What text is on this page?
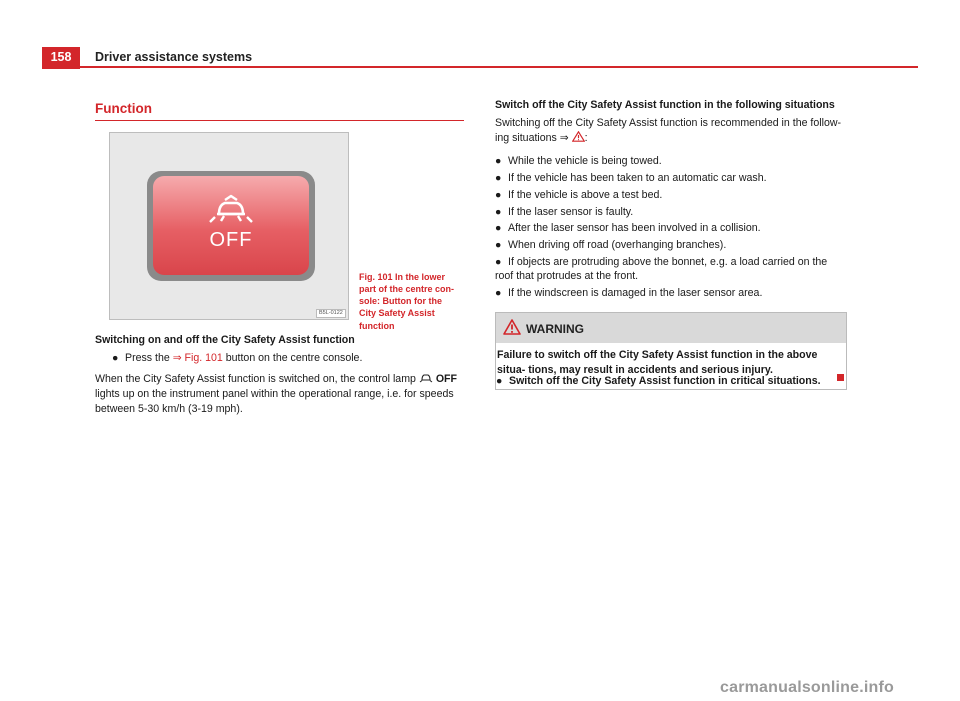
158	Driver assistance systems
Function
OFF
B5L-0122
Fig. 101 In the lower part of the centre con- sole: Button for the City Safety Assist function
Switching on and off the City Safety Assist function
● Press the ⇒ Fig. 101 button on the centre console.
When the City Safety Assist function is switched on, the control lamp  OFF lights up on the instrument panel within the operational range, i.e. for speeds between 5-30 km/h (3-19 mph).
Switch off the City Safety Assist function in the following situations
Switching off the City Safety Assist function is recommended in the follow- ing situations ⇒ :
● While the vehicle is being towed.
● If the vehicle has been taken to an automatic car wash.
● If the vehicle is above a test bed.
● If the laser sensor is faulty.
● After the laser sensor has been involved in a collision.
● When driving off road (overhanging branches).
● If objects are protruding above the bonnet, e.g. a load carried on the
roof that protrudes at the front.
● If the windscreen is damaged in the laser sensor area.
WARNING
Failure to switch off the City Safety Assist function in the above situa- tions, may result in accidents and serious injury.
● Switch off the City Safety Assist function in critical situations.
carmanualsonline.info
